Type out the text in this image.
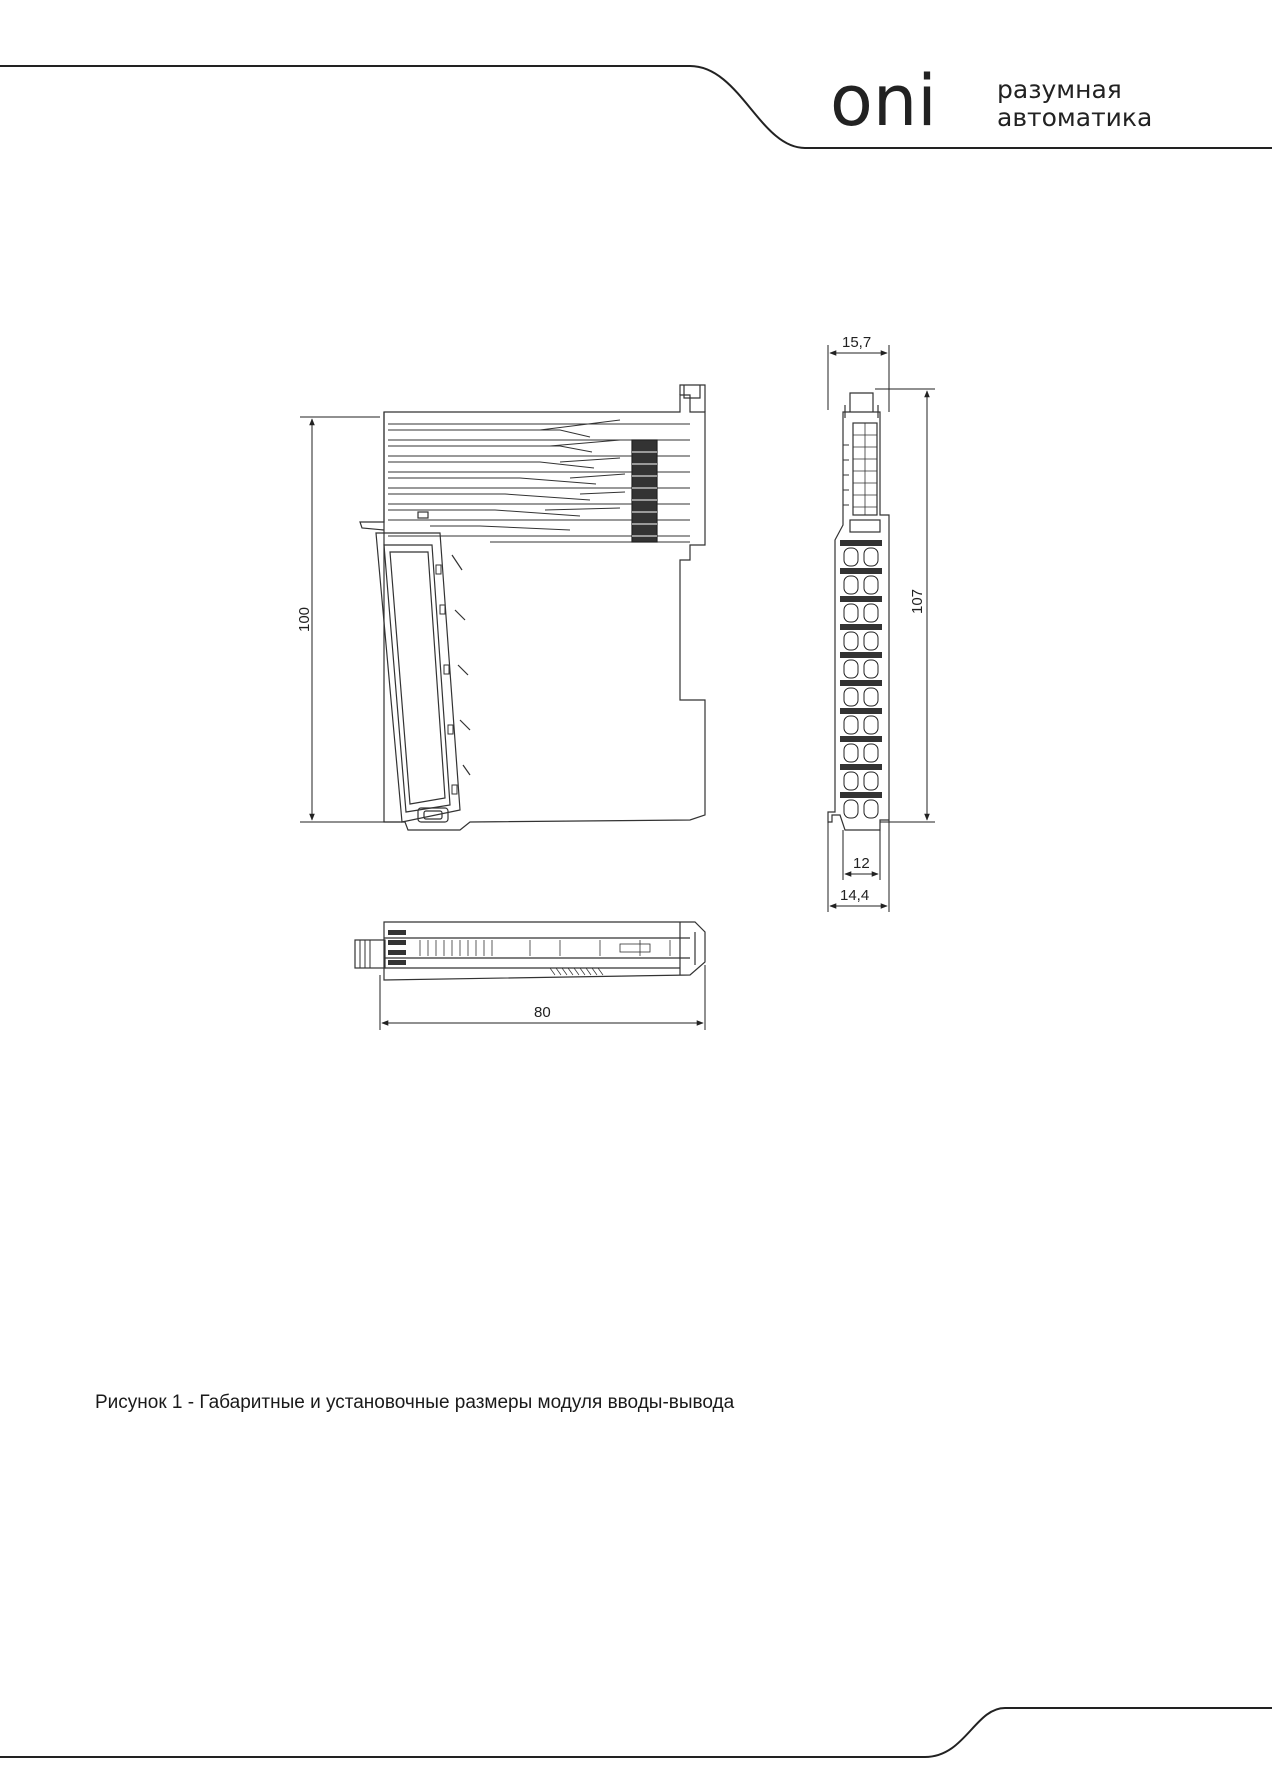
oni разумная
автоматика
100
15,7
107
12
14,4
80
Рисунок 1 - Габаритные и установочные размеры модуля вводы-вывода
